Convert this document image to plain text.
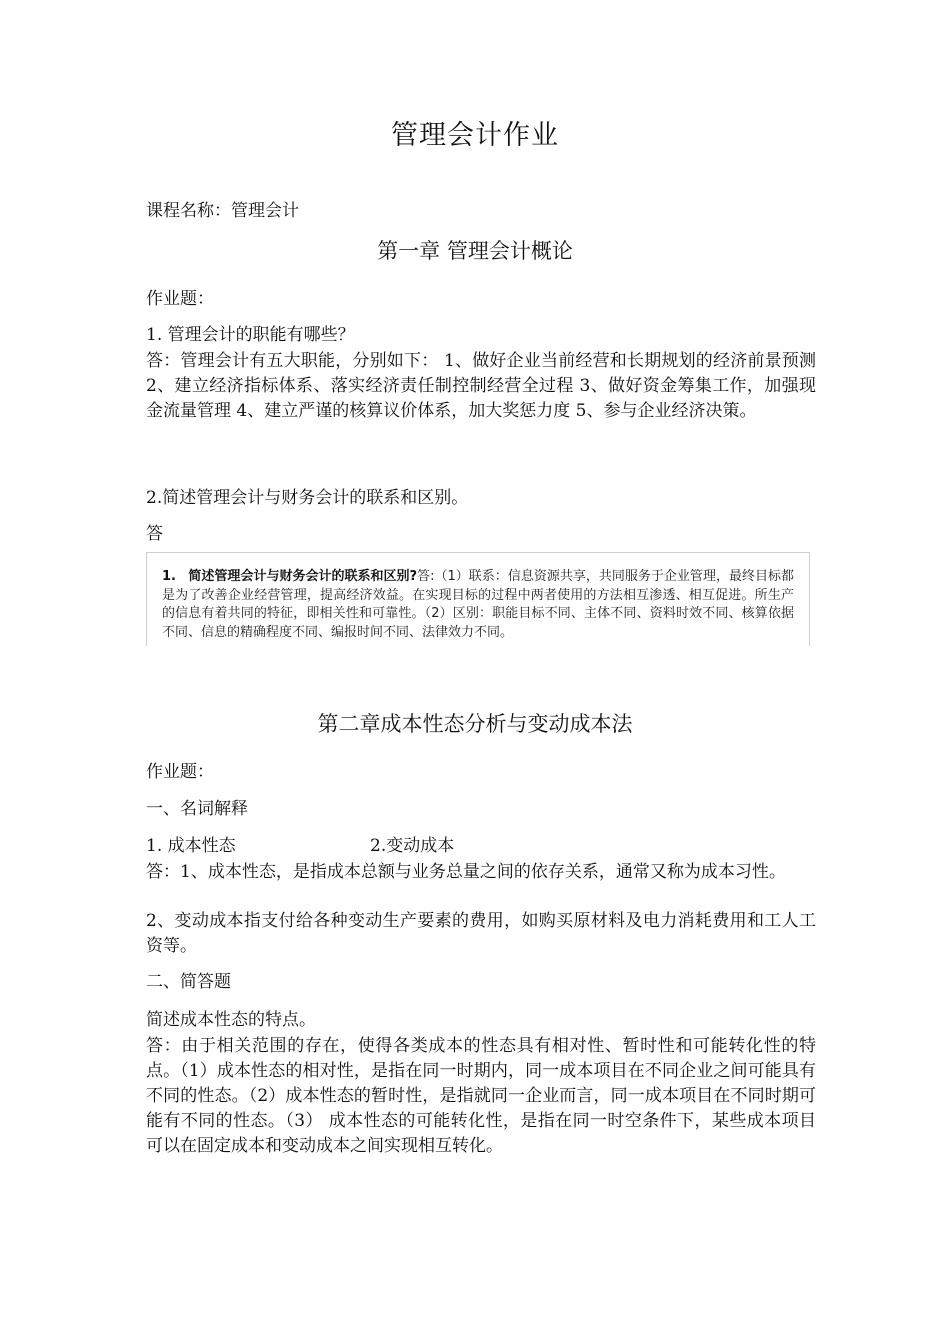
管理会计作业
课程名称：管理会计
第一章 管理会计概论
作业题：
1. 管理会计的职能有哪些？
答：管理会计有五大职能，分别如下： 1、做好企业当前经营和长期规划的经济前景预测 2、建立经济指标体系、落实经济责任制控制经营全过程 3、做好资金筹集工作，加强现金流量管理 4、建立严谨的核算议价体系，加大奖惩力度 5、参与企业经济决策。
2.简述管理会计与财务会计的联系和区别。
答
1. 简述管理会计与财务会计的联系和区别?答:（1）联系：信息资源共享，共同服务于企业管理，最终目标都是为了改善企业经营管理，提高经济效益。在实现目标的过程中两者使用的方法相互渗透、相互促进。所生产的信息有着共同的特征，即相关性和可靠性。（2）区别：职能目标不同、主体不同、资料时效不同、核算依据不同、信息的精确程度不同、编报时间不同、法律效力不同。
第二章成本性态分析与变动成本法
作业题：
一、名词解释
1. 成本性态	2.变动成本
答：1、成本性态，是指成本总额与业务总量之间的依存关系，通常又称为成本习性。
2、变动成本指支付给各种变动生产要素的费用，如购买原材料及电力消耗费用和工人工资等。
二、简答题
简述成本性态的特点。
答：由于相关范围的存在，使得各类成本的性态具有相对性、暂时性和可能转化性的特点。（1）成本性态的相对性，是指在同一时期内，同一成本项目在不同企业之间可能具有不同的性态。（2）成本性态的暂时性，是指就同一企业而言，同一成本项目在不同时期可能有不同的性态。（3） 成本性态的可能转化性，是指在同一时空条件下，某些成本项目可以在固定成本和变动成本之间实现相互转化。
